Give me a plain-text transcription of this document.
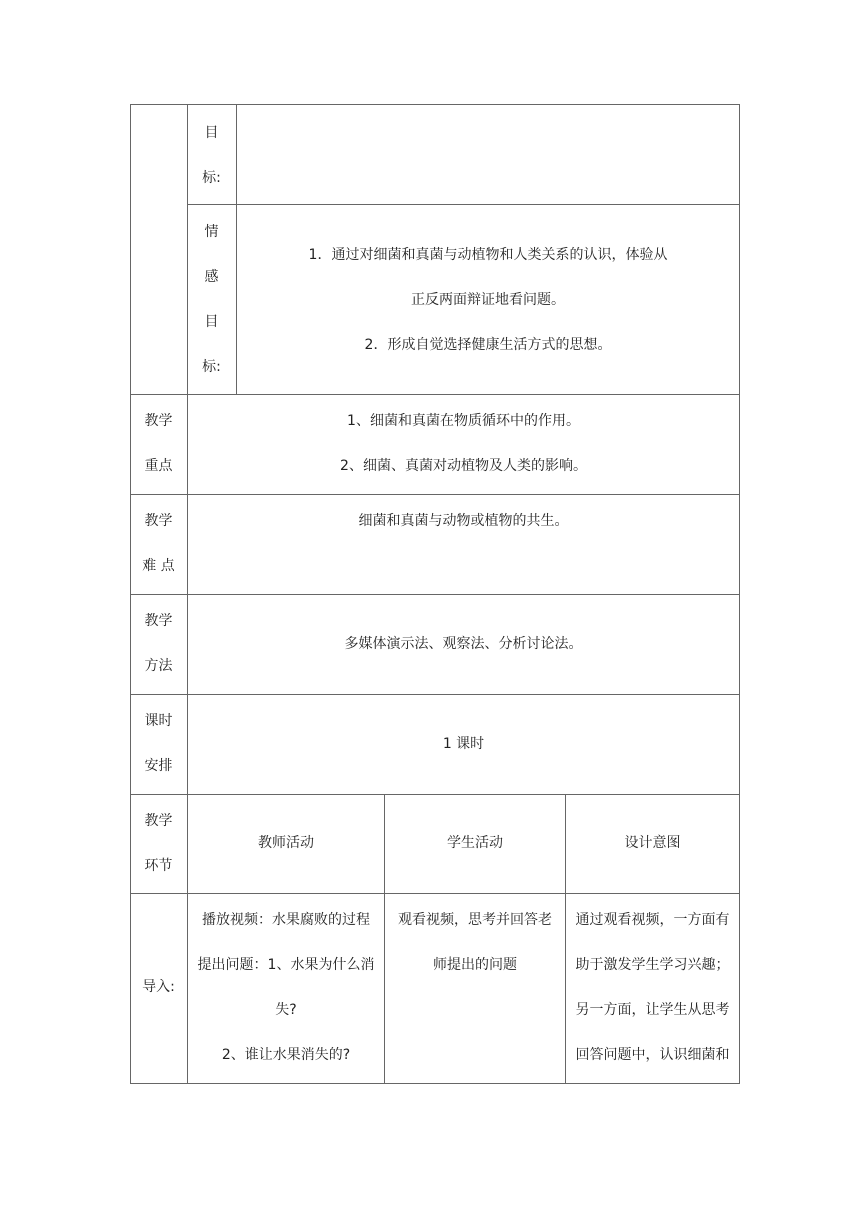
目
标:
情
感
目
标:
1．通过对细菌和真菌与动植物和人类关系的认识，体验从
正反两面辩证地看问题。
2．形成自觉选择健康生活方式的思想。
教学
重点
1、细菌和真菌在物质循环中的作用。
2、细菌、真菌对动植物及人类的影响。
教学
难 点
细菌和真菌与动物或植物的共生。
教学
方法
多媒体演示法、观察法、分析讨论法。
课时
安排
1 课时
教学
环节
教师活动	学生活动	设计意图
导入:
播放视频：水果腐败的过程
提出问题：1、水果为什么消
失?
2、谁让水果消失的?
观看视频，思考并回答老
师提出的问题
通过观看视频，一方面有
助于激发学生学习兴趣；
另一方面，让学生从思考
回答问题中，认识细菌和
